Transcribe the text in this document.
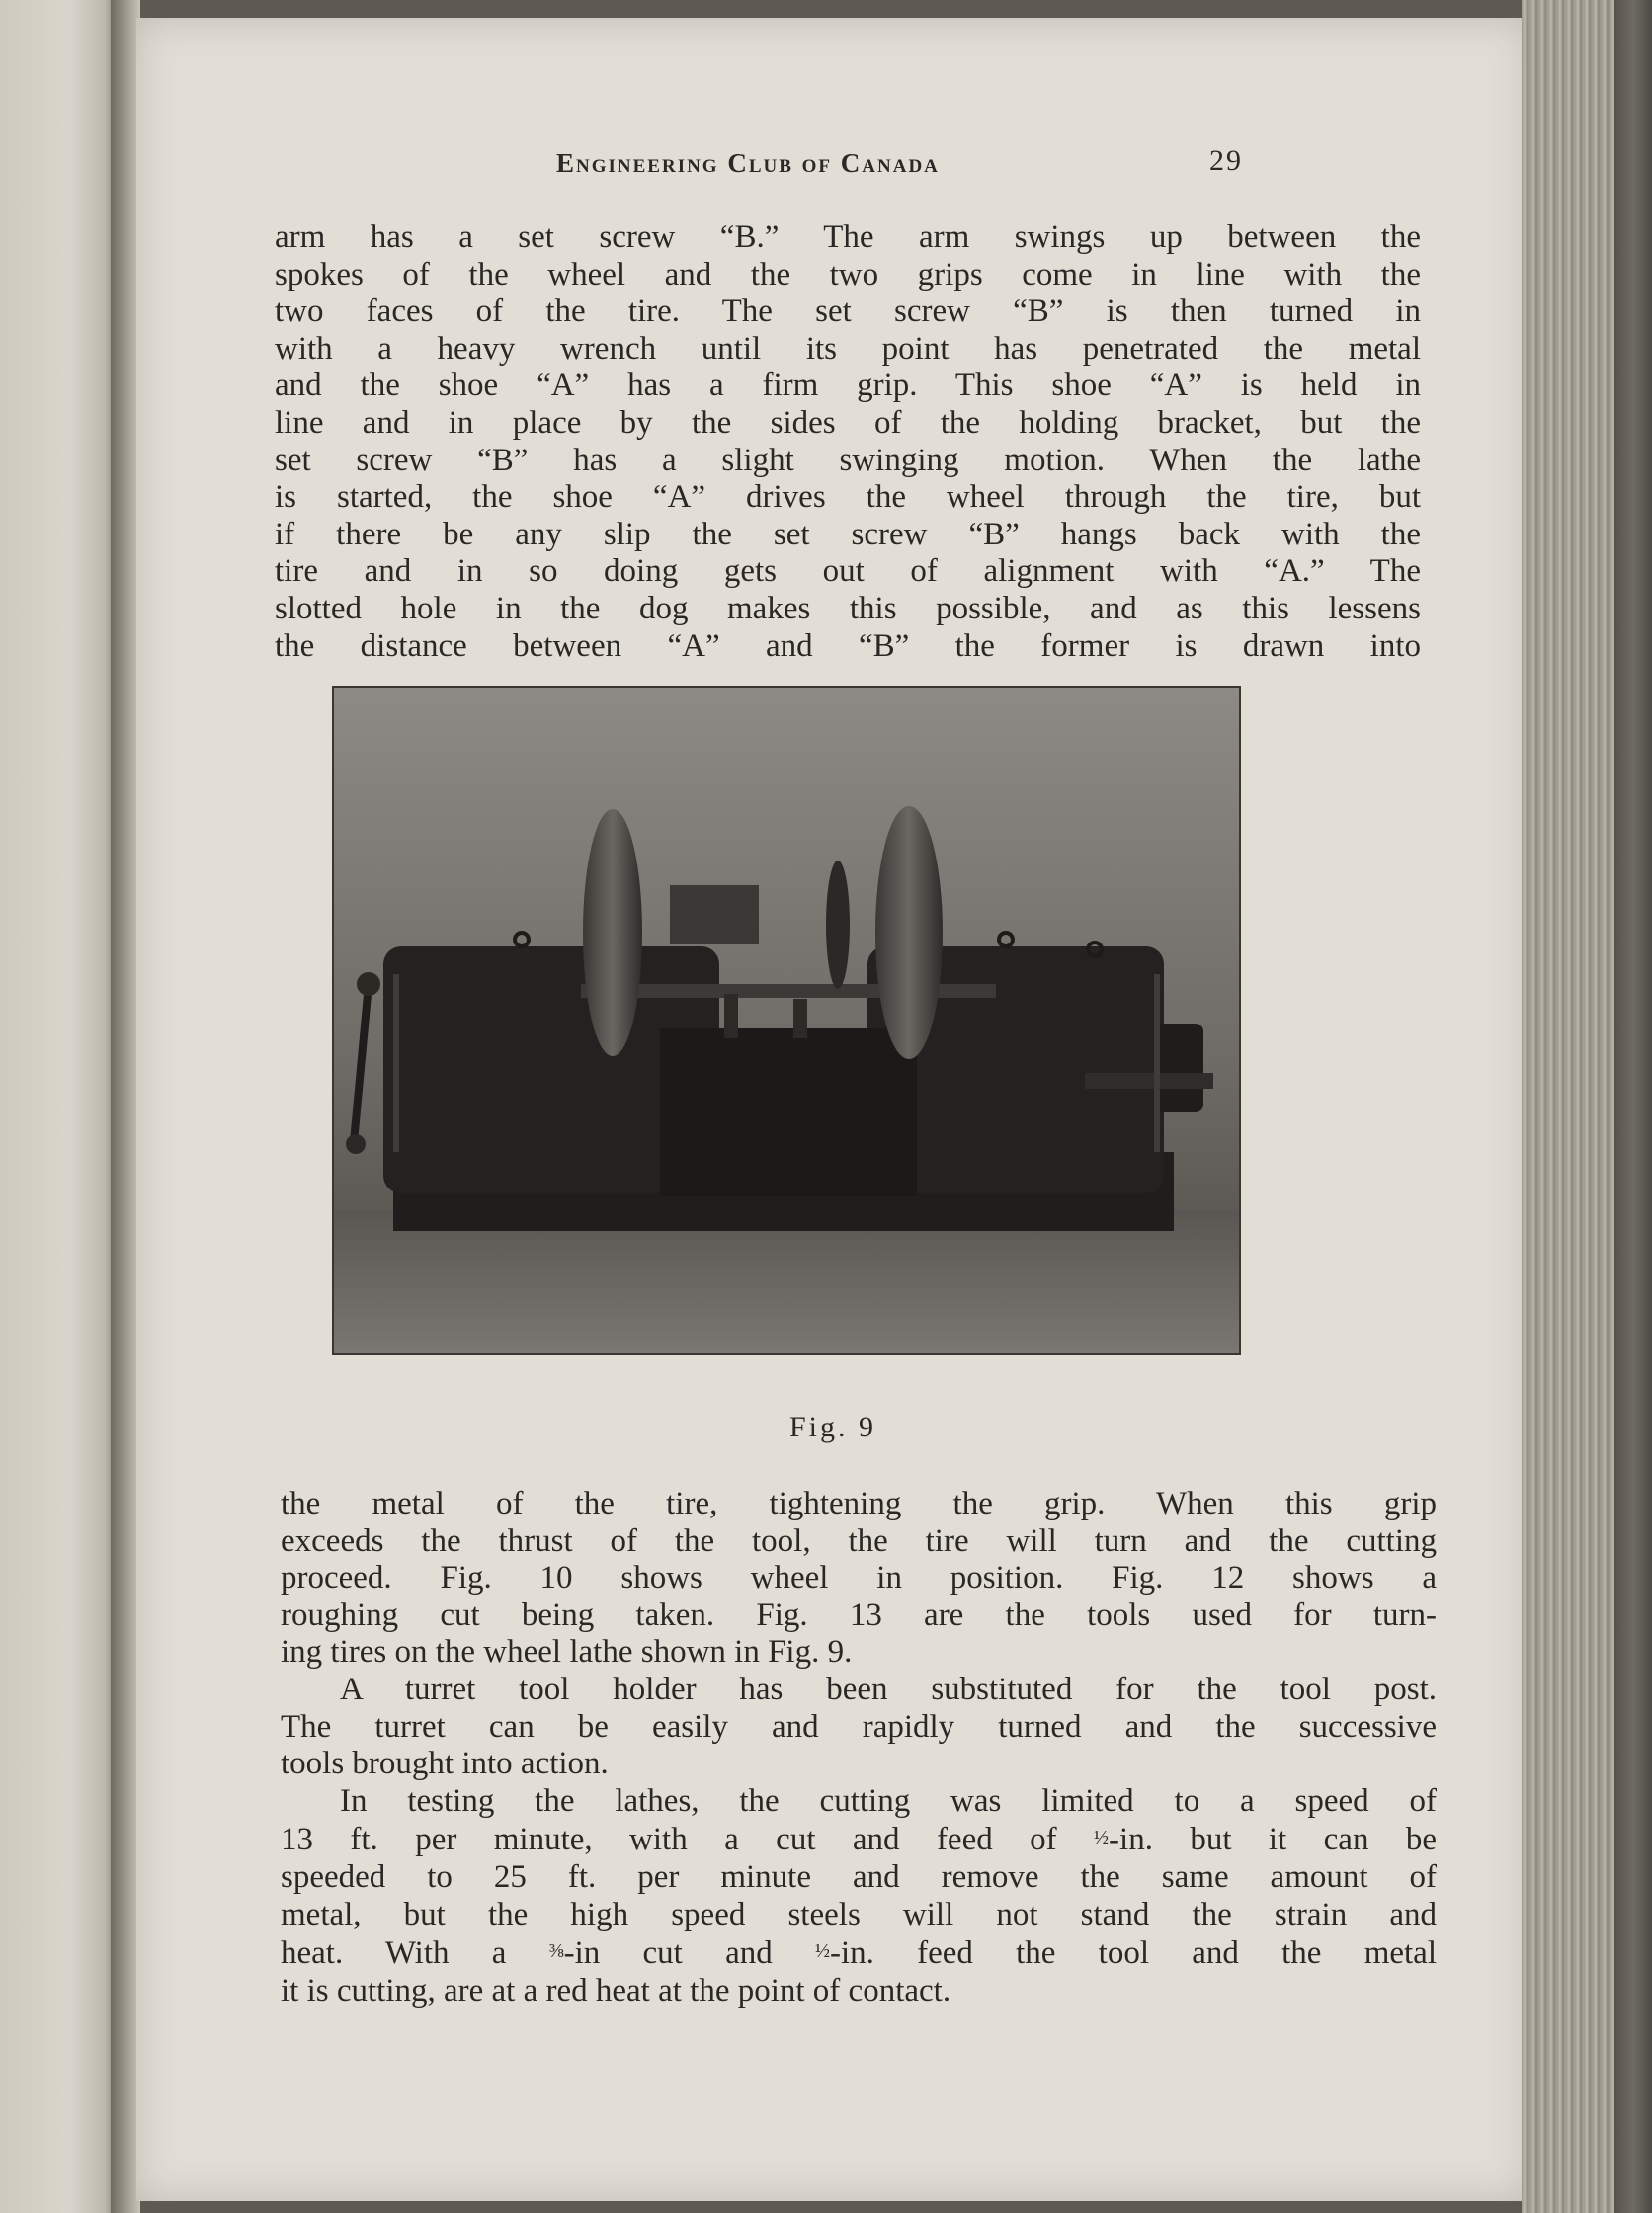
Engineering Club of Canada	29
arm has a set screw “B.” The arm swings up between the
spokes of the wheel and the two grips come in line with the
two faces of the tire. The set screw “B” is then turned in
with a heavy wrench until its point has penetrated the metal
and the shoe “A” has a firm grip. This shoe “A” is held in
line and in place by the sides of the holding bracket, but the
set screw “B” has a slight swinging motion. When the lathe
is started, the shoe “A” drives the wheel through the tire, but
if there be any slip the set screw “B” hangs back with the
tire and in so doing gets out of alignment with “A.” The
slotted hole in the dog makes this possible, and as this lessens
the distance between “A” and “B” the former is drawn into
Fig. 9
the metal of the tire, tightening the grip. When this grip
exceeds the thrust of the tool, the tire will turn and the cutting
proceed. Fig. 10 shows wheel in position. Fig. 12 shows a
roughing cut being taken. Fig. 13 are the tools used for turn-
ing tires on the wheel lathe shown in Fig. 9.
A turret tool holder has been substituted for the tool post.
The turret can be easily and rapidly turned and the successive
tools brought into action.
In testing the lathes, the cutting was limited to a speed of
13 ft. per minute, with a cut and feed of ½-in. but it can be
speeded to 25 ft. per minute and remove the same amount of
metal, but the high speed steels will not stand the strain and
heat. With a ⅜-in cut and ½-in. feed the tool and the metal
it is cutting, are at a red heat at the point of contact.
